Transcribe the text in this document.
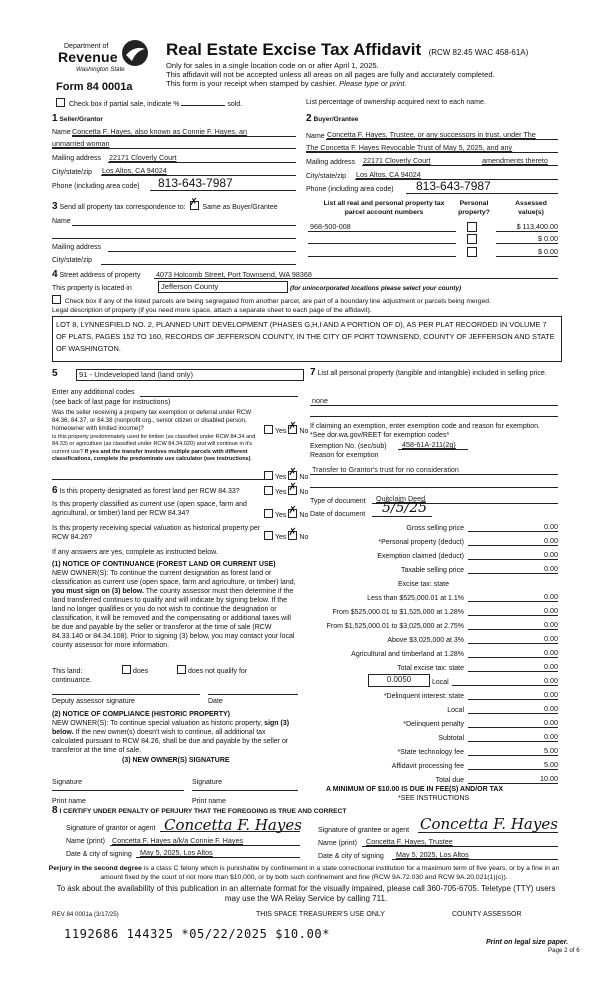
Department of
Revenue
Washington State
Form 84 0001a
Real Estate Excise Tax Affidavit (RCW 82.45 WAC 458-61A)
Only for sales in a single location code on or after April 1, 2025.
This affidavit will not be accepted unless all areas on all pages are fully and accurately completed.
This form is your receipt when stamped by cashier. Please type or print.
Check box if partial sale, indicate %	sold.	List percentage of ownership acquired next to each name.
1 Seller/Grantor
Name Concetta F. Hayes, also known as Connie F. Hayes, an
unmarried woman
Mailing address 22171 Cloverly Court
City/state/zip Los Altos, CA 94024
Phone (including area code) 813-643-7987
2 Buyer/Grantee
Name Concetta F. Hayes, Trustee, or any successors in trust, under The
The Concetta F. Hayes Revocable Trust of May 5, 2025, and any
Mailing address 22171 Cloverly Court	amendments thereto
City/state/zip Los Altos, CA 94024
Phone (including area code) 813-643-7987
3 Send all property tax correspondence to: ✗ Same as Buyer/Grantee
Name
Mailing address
City/state/zip
List all real and personal property tax parcel account numbers
Personal property?
Assessed value(s)
968-500-008	$ 113,400.00
$ 0.00
$ 0.00
4 Street address of property 4073 Holcomb Street, Port Townsend, WA 98368
This property is located in	Jefferson County	(for unincorporated locations please select your county)
Check box if any of the listed parcels are being segregated from another parcel, are part of a boundary line adjustment or parcels being merged.
Legal description of property (if you need more space, attach a separate sheet to each page of the affidavit).
LOT 8, LYNNESFIELD NO. 2, PLANNED UNIT DEVELOPMENT (PHASES G,H,I AND A PORTION OF D), AS PER PLAT RECORDED IN VOLUME 7 OF PLATS, PAGES 152 TO 160, RECORDS OF JEFFERSON COUNTY, IN THE CITY OF PORT TOWNSEND, COUNTY OF JEFFERSON AND STATE OF WASHINGTON.
5	91 - Undeveloped land (land only)
Enter any additional codes
(see back of last page for instructions)
Was the seller receiving a property tax exemption or deferral under RCW 84.36, 84.37, or 84.38 (nonprofit org., senior citizen or disabled person, homeowner with limited income)?	Yes ✗ No
Is this property predominately used for timber (as classified under RCW 84.34 and 84.33) or agriculture (as classified under RCW 84.34.020) and will continue in it's current use? If yes and the transfer involves multiple parcels with different classifications, complete the predominate use calculator (see instructions)
Yes ✗ No
6 Is this property designated as forest land per RCW 84.33?	Yes ✗ No
Is this property classified as current use (open space, farm and agricultural, or timber) land per RCW 84.34?	Yes ✗ No
Is this property receiving special valuation as historical property per RCW 84.26?	Yes ✗ No
If any answers are yes, complete as instructed below.
(1) NOTICE OF CONTINUANCE (FOREST LAND OR CURRENT USE)
NEW OWNER(S): To continue the current designation as forest land or classification as current use (open space, farm and agriculture, or timber) land, you must sign on (3) below. The county assessor must then determine if the land transferred continues to qualify and will indicate by signing below. If the land no longer qualifies or you do not wish to continue the designation or classification, it will be removed and the compensating or additional taxes will be due and payable by the seller or transferor at the time of sale (RCW 84.33.140 or 84.34.108). Prior to signing (3) below, you may contact your local county assessor for more information.
This land:	does	does not qualify for
continuance.
Deputy assessor signature	Date
(2) NOTICE OF COMPLIANCE (HISTORIC PROPERTY)
NEW OWNER(S): To continue special valuation as historic property, sign (3) below. If the new owner(s) doesn't wish to continue, all additional tax calculated pursuant to RCW 84.26, shall be due and payable by the seller or transferor at the time of sale.
(3) NEW OWNER(S) SIGNATURE
Signature	Signature
Print name	Print name
7 List all personal property (tangible and intangible) included in selling price.
none
If claiming an exemption, enter exemption code and reason for exemption. *See dor.wa.gov/REET for exemption codes*
Exemption No. (sec/sub) 458-61A-211(2g)
Reason for exemption
Transfer to Grantor's trust for no consideration
Type of document Quitclaim Deed
Date of document 5/5/25
Gross selling price	0.00
*Personal property (deduct)	0.00
Exemption claimed (deduct)	0.00
Taxable selling price	0.00
Excise tax: state
Less than $525,000.01 at 1.1%	0.00
From $525,000.01 to $1,525,000 at 1.28%	0.00
From $1,525,000.01 to $3,025,000 at 2.75%	0.00
Above $3,025,000 at 3%	0.00
Agricultural and timberland at 1.28%	0.00
Total excise tax: state	0.00
0.0050	Local	0.00
*Delinquent interest: state	0.00
Local	0.00
*Delinquent penalty	0.00
Subtotal	0.00
*State technology fee	5.00
Affidavit processing fee	5.00
Total due	10.00
A MINIMUM OF $10.00 IS DUE IN FEE(S) AND/OR TAX
*SEE INSTRUCTIONS
8 I CERTIFY UNDER PENALTY OF PERJURY THAT THE FOREGOING IS TRUE AND CORRECT
Signature of grantor or agent Concetta F. Hayes
Name (print) Concetta F. Hayes a/k/a Connie F. Hayes
Date & city of signing May 5, 2025, Los Altos
Signature of grantee or agent Concetta F. Hayes
Name (print) Concetta F. Hayes, Trustee
Date & city of signing May 5, 2025, Los Altos
Perjury in the second degree is a class C felony which is punishable by confinement in a state correctional institution for a maximum term of five years, or by a fine in an amount fixed by the court of not more than $10,000, or by both such confinement and fine (RCW 9A.72.030 and RCW 9A.20.021(1)(c)).
To ask about the availability of this publication in an alternate format for the visually impaired, please call 360-705-6705. Teletype (TTY) users may use the WA Relay Service by calling 711.
REV 84 0001a (3/17/25)	THIS SPACE TREASURER'S USE ONLY	COUNTY ASSESSOR
1192686 144325 *05/22/2025 $10.00*
Print on legal size paper.
Page 2 of 6
